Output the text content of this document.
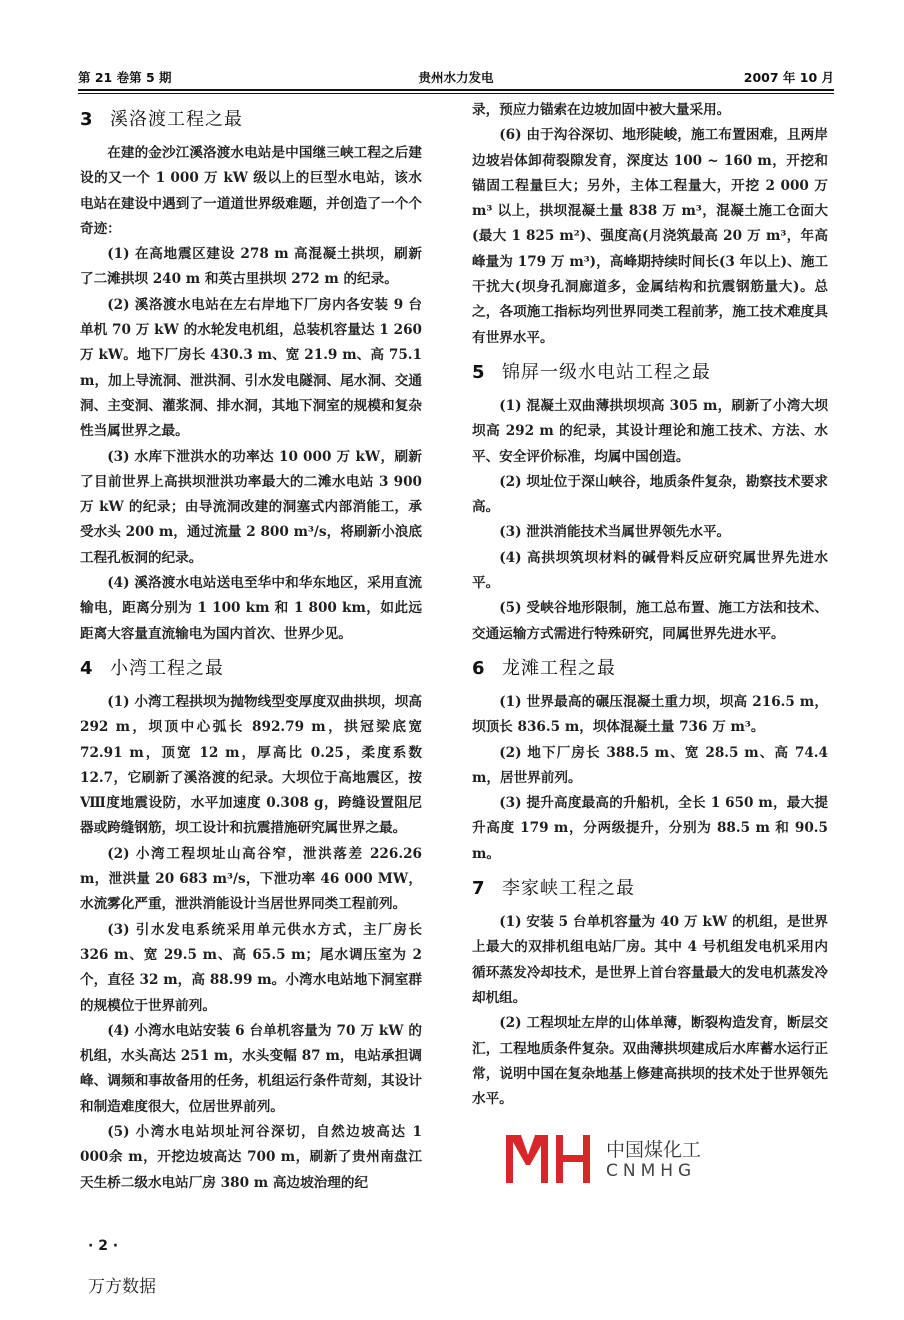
第 21 卷第 5 期	贵州水力发电	2007 年 10 月
3 溪洛渡工程之最

在建的金沙江溪洛渡水电站是中国继三峡工程之后建设的又一个 1 000 万 kW 级以上的巨型水电站，该水电站在建设中遇到了一道道世界级难题，并创造了一个个奇迹：

(1) 在高地震区建设 278 m 高混凝土拱坝，刷新了二滩拱坝 240 m 和英古里拱坝 272 m 的纪录。

(2) 溪洛渡水电站在左右岸地下厂房内各安装 9 台单机 70 万 kW 的水轮发电机组，总装机容量达 1 260 万 kW。地下厂房长 430.3 m、宽 21.9 m、高 75.1 m，加上导流洞、泄洪洞、引水发电隧洞、尾水洞、交通洞、主变洞、灌浆洞、排水洞，其地下洞室的规模和复杂性当属世界之最。

(3) 水库下泄洪水的功率达 10 000 万 kW，刷新了目前世界上高拱坝泄洪功率最大的二滩水电站 3 900 万 kW 的纪录；由导流洞改建的洞塞式内部消能工，承受水头 200 m，通过流量 2 800 m³/s，将刷新小浪底工程孔板洞的纪录。

(4) 溪洛渡水电站送电至华中和华东地区，采用直流输电，距离分别为 1 100 km 和 1 800 km，如此远距离大容量直流输电为国内首次、世界少见。

4 小湾工程之最

(1) 小湾工程拱坝为抛物线型变厚度双曲拱坝，坝高 292 m，坝顶中心弧长 892.79 m，拱冠梁底宽 72.91 m，顶宽 12 m，厚高比 0.25，柔度系数 12.7，它刷新了溪洛渡的纪录。大坝位于高地震区，按Ⅷ度地震设防，水平加速度 0.308 g，跨缝设置阻尼器或跨缝钢筋，坝工设计和抗震措施研究属世界之最。

(2) 小湾工程坝址山高谷窄，泄洪落差 226.26 m，泄洪量 20 683 m³/s，下泄功率 46 000 MW，水流雾化严重，泄洪消能设计当居世界同类工程前列。

(3) 引水发电系统采用单元供水方式，主厂房长 326 m、宽 29.5 m、高 65.5 m；尾水调压室为 2 个，直径 32 m，高 88.99 m。小湾水电站地下洞室群的规模位于世界前列。

(4) 小湾水电站安装 6 台单机容量为 70 万 kW 的机组，水头高达 251 m，水头变幅 87 m，电站承担调峰、调频和事故备用的任务，机组运行条件苛刻，其设计和制造难度很大，位居世界前列。

(5) 小湾水电站坝址河谷深切，自然边坡高达 1 000余 m，开挖边坡高达 700 m，刷新了贵州南盘江天生桥二级水电站厂房 380 m 高边坡治理的纪

录，预应力锚索在边坡加固中被大量采用。

(6) 由于沟谷深切、地形陡峻，施工布置困难，且两岸边坡岩体卸荷裂隙发育，深度达 100 ~ 160 m，开挖和锚固工程量巨大；另外，主体工程量大，开挖 2 000 万 m³ 以上，拱坝混凝土量 838 万 m³，混凝土施工仓面大(最大 1 825 m²)、强度高(月浇筑最高 20 万 m³，年高峰量为 179 万 m³)，高峰期持续时间长(3 年以上)、施工干扰大(坝身孔洞廊道多，金属结构和抗震钢筋量大)。总之，各项施工指标均列世界同类工程前茅，施工技术难度具有世界水平。

5 锦屏一级水电站工程之最

(1) 混凝土双曲薄拱坝坝高 305 m，刷新了小湾大坝坝高 292 m 的纪录，其设计理论和施工技术、方法、水平、安全评价标准，均属中国创造。

(2) 坝址位于深山峡谷，地质条件复杂，勘察技术要求高。

(3) 泄洪消能技术当属世界领先水平。

(4) 高拱坝筑坝材料的碱骨料反应研究属世界先进水平。

(5) 受峡谷地形限制，施工总布置、施工方法和技术、交通运输方式需进行特殊研究，同属世界先进水平。

6 龙滩工程之最

(1) 世界最高的碾压混凝土重力坝，坝高 216.5 m，坝顶长 836.5 m，坝体混凝土量 736 万 m³。

(2) 地下厂房长 388.5 m、宽 28.5 m、高 74.4 m，居世界前列。

(3) 提升高度最高的升船机，全长 1 650 m，最大提升高度 179 m，分两级提升，分别为 88.5 m 和 90.5 m。

7 李家峡工程之最

(1) 安装 5 台单机容量为 40 万 kW 的机组，是世界上最大的双排机组电站厂房。其中 4 号机组发电机采用内循环蒸发冷却技术，是世界上首台容量最大的发电机蒸发冷却机组。

(2) 工程坝址左岸的山体单薄，断裂构造发育，断层交汇，工程地质条件复杂。双曲薄拱坝建成后水库蓄水运行正常，说明中国在复杂地基上修建高拱坝的技术处于世界领先水平。

· 2 ·
万方数据
中国煤化工
CNMHG
